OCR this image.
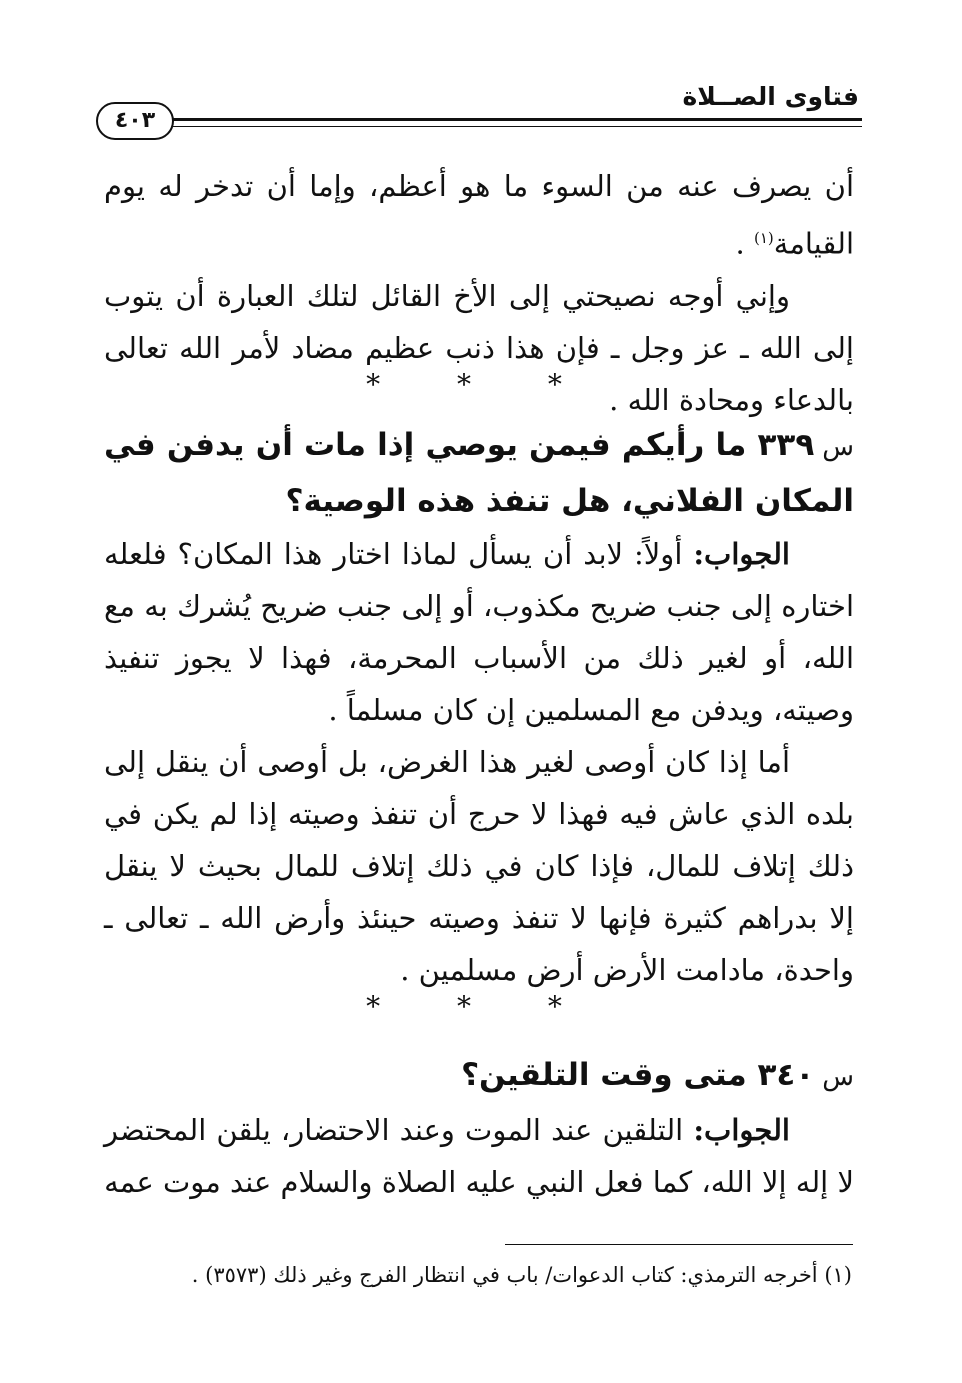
فتاوى الصــلاة
٤٠٣

أن يصرف عنه من السوء ما هو أعظم، وإما أن تدخر له يوم القيامة$^{(١)}$ .

وإني أوجه نصيحتي إلى الأخ القائل لتلك العبارة أن يتوب إلى الله ـ عز وجل ـ فإن هذا ذنب عظيم مضاد لأمر الله تعالى بالدعاء ومحادة الله .

* * *

س٣٣٩ ما رأيكم فيمن يوصي إذا مات أن يدفن في المكان الفلاني، هل تنفذ هذه الوصية؟

الجواب: أولاً: لابد أن يسأل لماذا اختار هذا المكان؟ فلعله اختاره إلى جنب ضريح مكذوب، أو إلى جنب ضريح يُشرك به مع الله، أو لغير ذلك من الأسباب المحرمة، فهذا لا يجوز تنفيذ وصيته، ويدفن مع المسلمين إن كان مسلماً .

أما إذا كان أوصى لغير هذا الغرض، بل أوصى أن ينقل إلى بلده الذي عاش فيه فهذا لا حرج أن تنفذ وصيته إذا لم يكن في ذلك إتلاف للمال، فإذا كان في ذلك إتلاف للمال بحيث لا ينقل إلا بدراهم كثيرة فإنها لا تنفذ وصيته حينئذ وأرض الله ـ تعالى ـ واحدة، مادامت الأرض أرض مسلمين .

* * *

س٣٤٠ متى وقت التلقين؟

الجواب: التلقين عند الموت وعند الاحتضار، يلقن المحتضر لا إله إلا الله، كما فعل النبي عليه الصلاة والسلام عند موت عمه

(١) أخرجه الترمذي: كتاب الدعوات/ باب في انتظار الفرج وغير ذلك (٣٥٧٣) .
